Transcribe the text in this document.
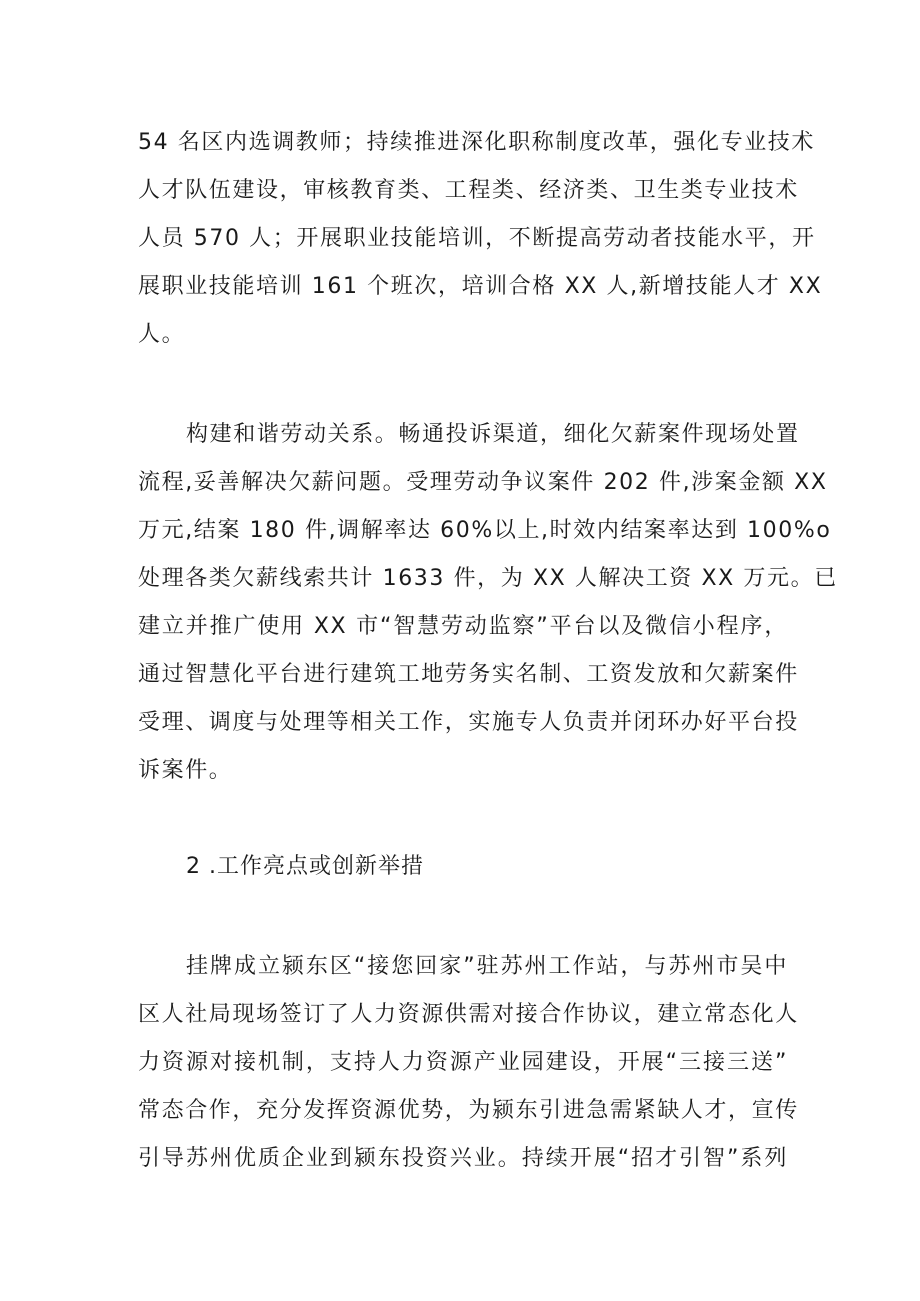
54 名区内选调教师；持续推进深化职称制度改革，强化专业技术
人才队伍建设，审核教育类、工程类、经济类、卫生类专业技术
人员 570 人；开展职业技能培训，不断提高劳动者技能水平，开
展职业技能培训 161 个班次，培训合格 XX 人,新增技能人才 XX
人。
构建和谐劳动关系。畅通投诉渠道，细化欠薪案件现场处置
流程,妥善解决欠薪问题。受理劳动争议案件 202 件,涉案金额 XX
万元,结案 180 件,调解率达 60%以上,时效内结案率达到 100%o
处理各类欠薪线索共计 1633 件，为 XX 人解决工资 XX 万元。已
建立并推广使用 XX 市“智慧劳动监察”平台以及微信小程序，
通过智慧化平台进行建筑工地劳务实名制、工资发放和欠薪案件
受理、调度与处理等相关工作，实施专人负责并闭环办好平台投
诉案件。
2 .工作亮点或创新举措
挂牌成立颍东区“接您回家”驻苏州工作站，与苏州市吴中
区人社局现场签订了人力资源供需对接合作协议，建立常态化人
力资源对接机制，支持人力资源产业园建设，开展“三接三送”
常态合作，充分发挥资源优势，为颍东引进急需紧缺人才，宣传
引导苏州优质企业到颍东投资兴业。持续开展“招才引智”系列
